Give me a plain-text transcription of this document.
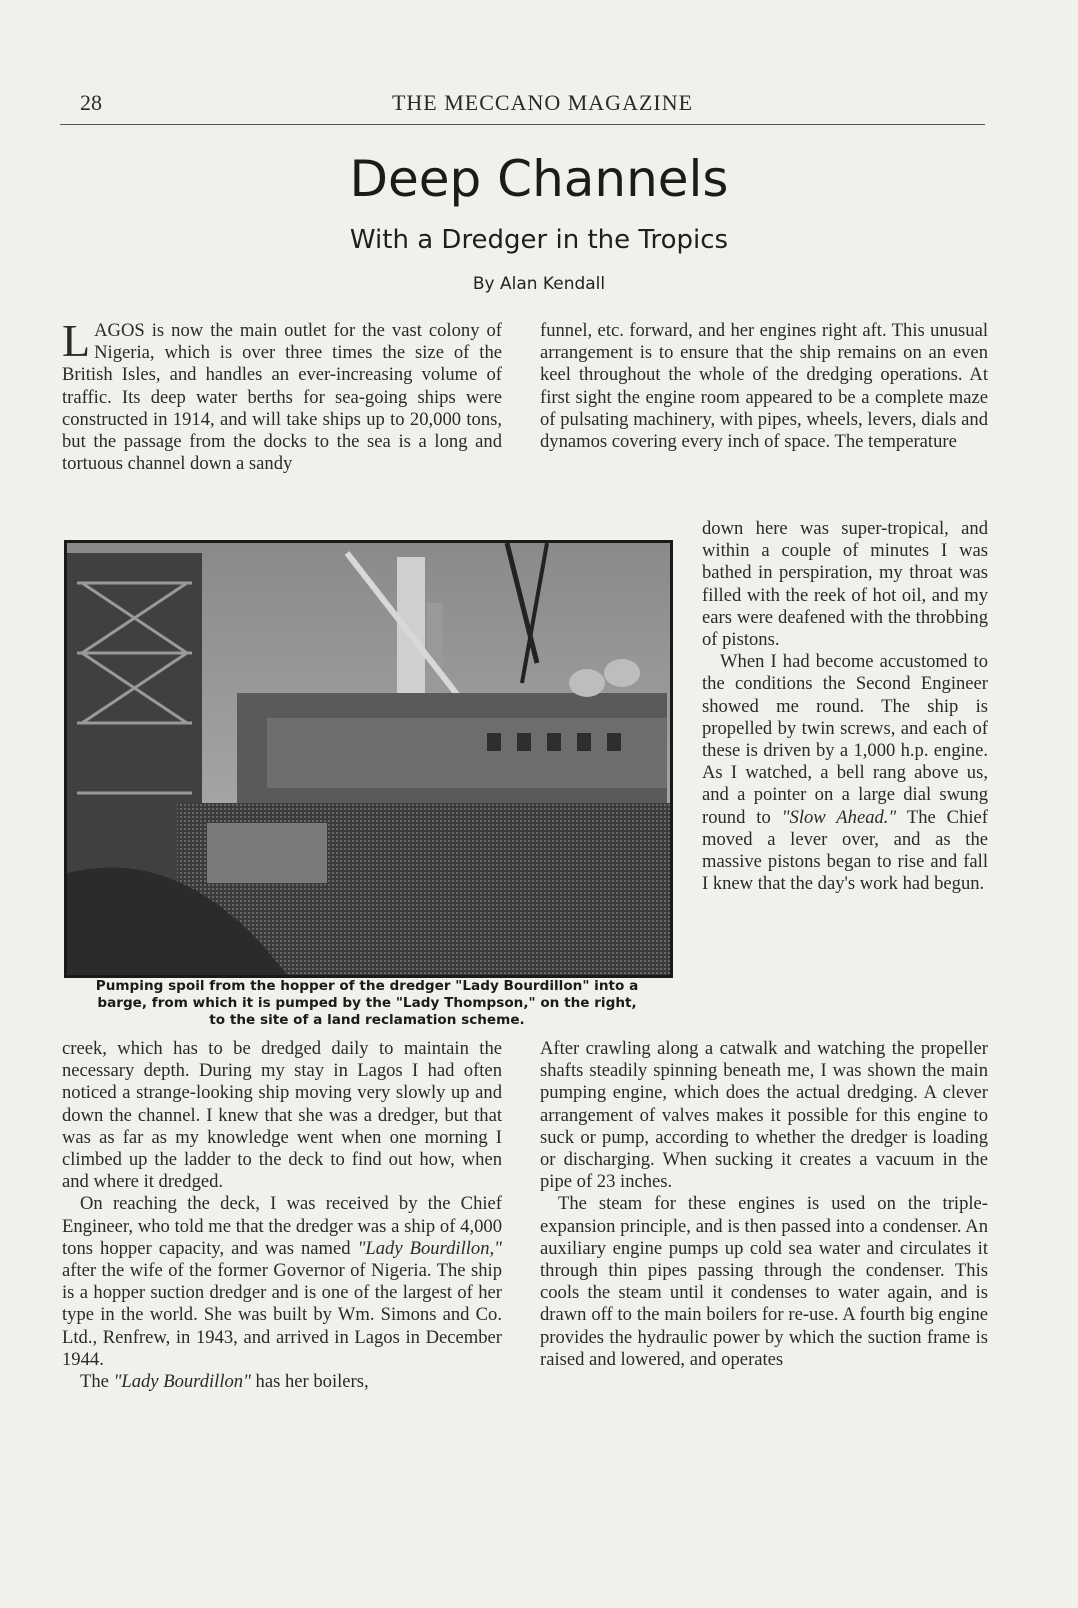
28	THE MECCANO MAGAZINE
Deep Channels
With a Dredger in the Tropics
By Alan Kendall

LAGOS is now the main outlet for the vast colony of Nigeria, which is over three times the size of the British Isles, and handles an ever-increasing volume of traffic. Its deep water berths for sea-going ships were constructed in 1914, and will take ships up to 20,000 tons, but the passage from the docks to the sea is a long and tortuous channel down a sandy

funnel, etc. forward, and her engines right aft. This unusual arrangement is to ensure that the ship remains on an even keel throughout the whole of the dredging operations. At first sight the engine room appeared to be a complete maze of pulsating machinery, with pipes, wheels, levers, dials and dynamos covering every inch of space. The temperature

down here was super-tropical, and within a couple of minutes I was bathed in perspiration, my throat was filled with the reek of hot oil, and my ears were deafened with the throbbing of pistons.

When I had become accustomed to the conditions the Second Engineer showed me round. The ship is propelled by twin screws, and each of these is driven by a 1,000 h.p. engine. As I watched, a bell rang above us, and a pointer on a large dial swung round to "Slow Ahead." The Chief moved a lever over, and as the massive pistons began to rise and fall I knew that the day's work had begun.

Pumping spoil from the hopper of the dredger "Lady Bourdillon" into a
barge, from which it is pumped by the "Lady Thompson," on the right,
to the site of a land reclamation scheme.

creek, which has to be dredged daily to maintain the necessary depth. During my stay in Lagos I had often noticed a strange-looking ship moving very slowly up and down the channel. I knew that she was a dredger, but that was as far as my knowledge went when one morning I climbed up the ladder to the deck to find out how, when and where it dredged.

On reaching the deck, I was received by the Chief Engineer, who told me that the dredger was a ship of 4,000 tons hopper capacity, and was named "Lady Bourdillon," after the wife of the former Governor of Nigeria. The ship is a hopper suction dredger and is one of the largest of her type in the world. She was built by Wm. Simons and Co. Ltd., Renfrew, in 1943, and arrived in Lagos in December 1944.

The "Lady Bourdillon" has her boilers,

After crawling along a catwalk and watching the propeller shafts steadily spinning beneath me, I was shown the main pumping engine, which does the actual dredging. A clever arrangement of valves makes it possible for this engine to suck or pump, according to whether the dredger is loading or discharging. When sucking it creates a vacuum in the pipe of 23 inches.

The steam for these engines is used on the triple-expansion principle, and is then passed into a condenser. An auxiliary engine pumps up cold sea water and circulates it through thin pipes passing through the condenser. This cools the steam until it condenses to water again, and is drawn off to the main boilers for re-use. A fourth big engine provides the hydraulic power by which the suction frame is raised and lowered, and operates
